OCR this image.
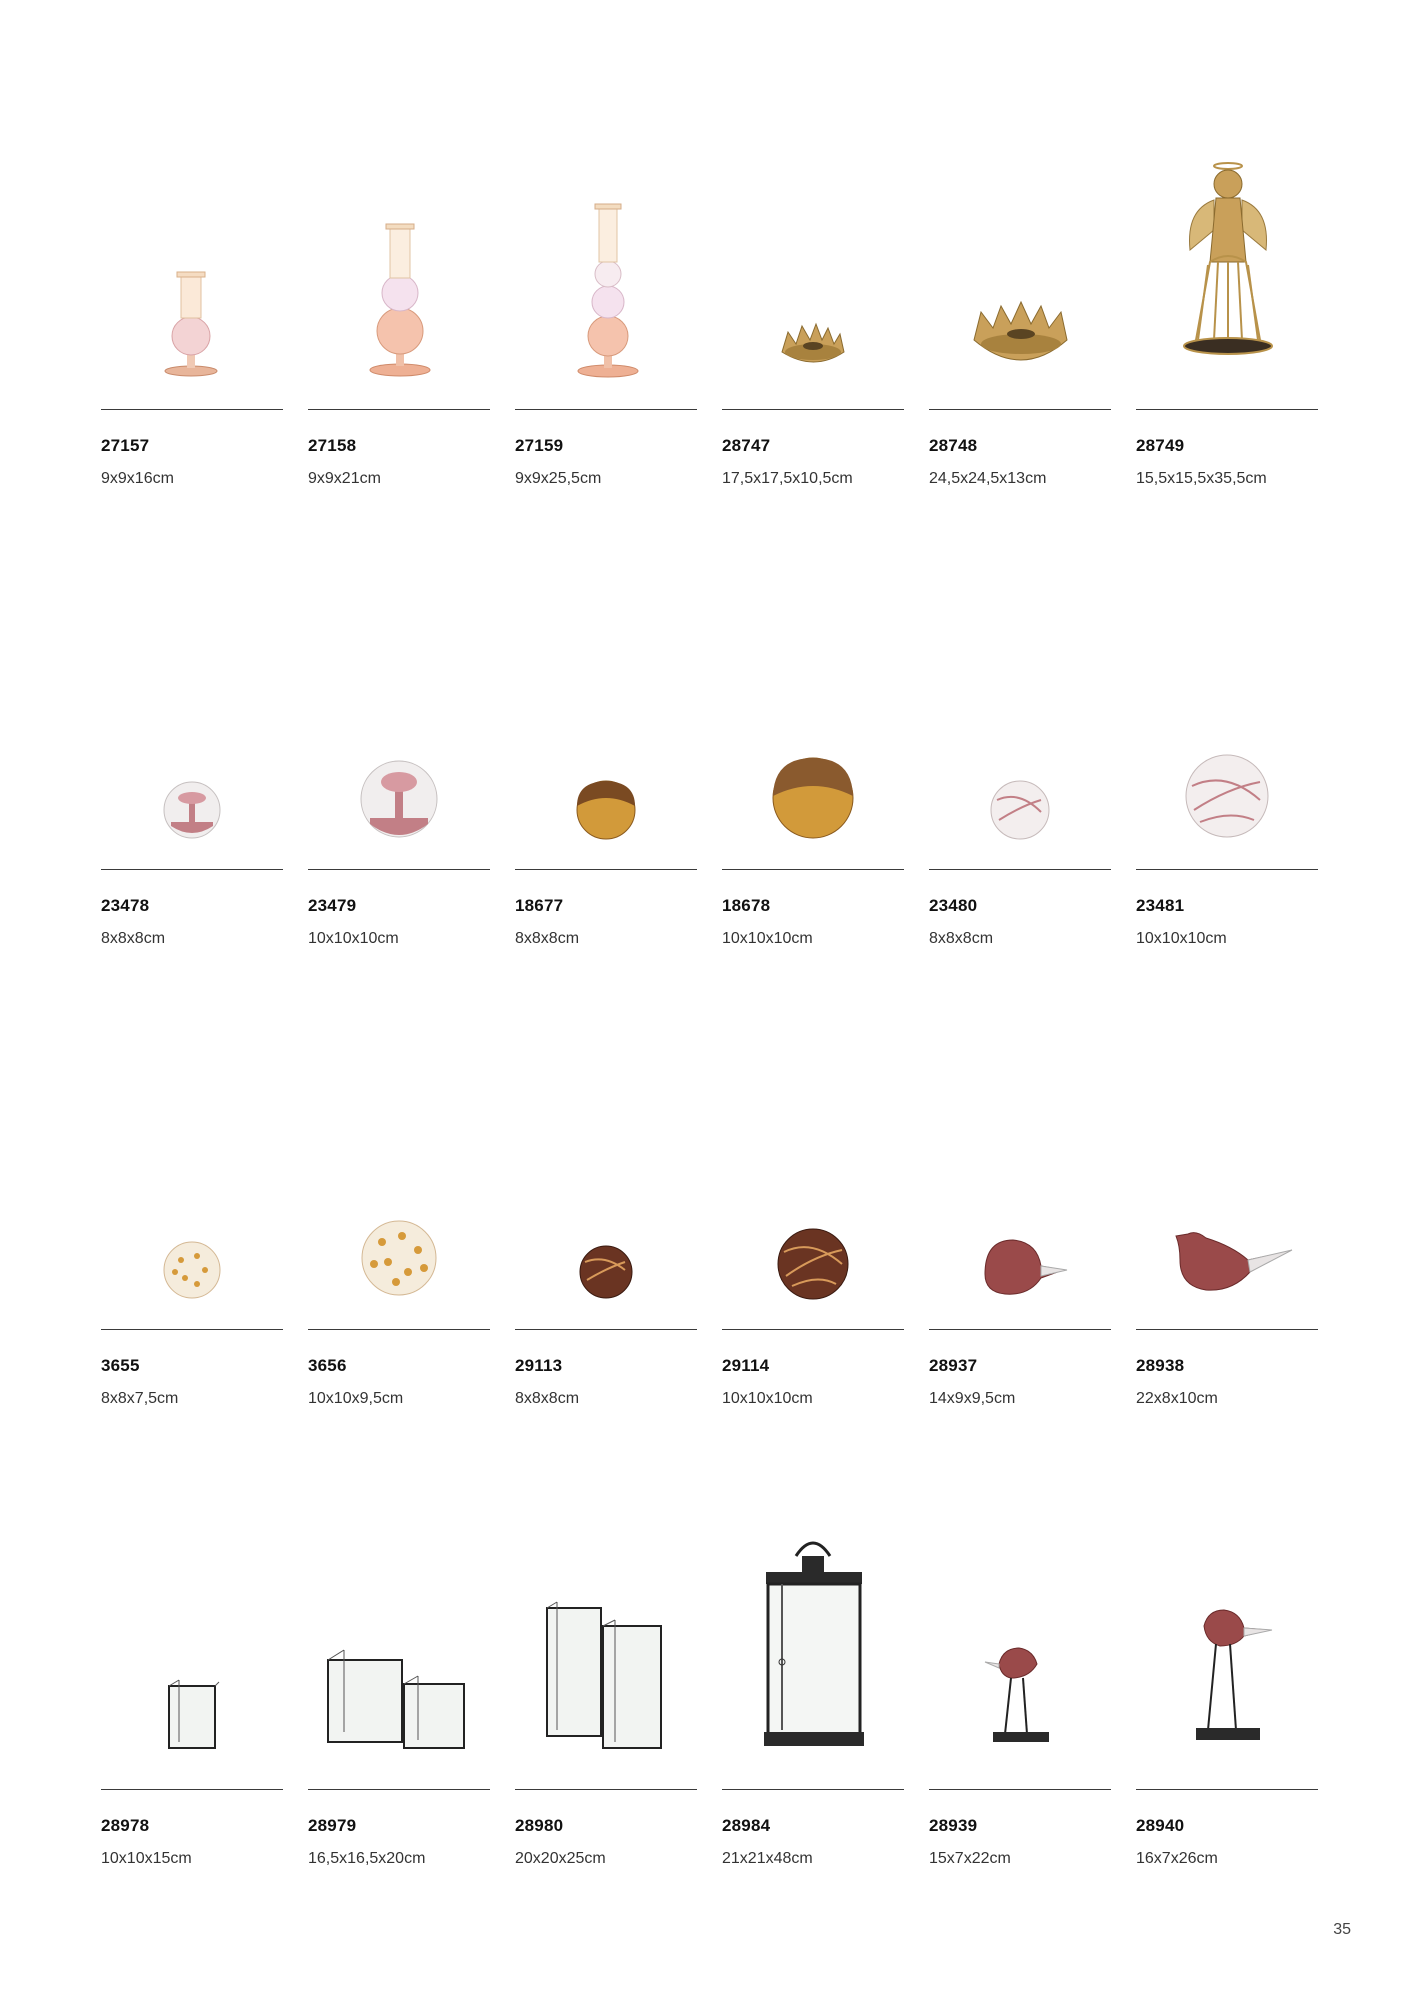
27157
9x9x16cm
27158
9x9x21cm
27159
9x9x25,5cm
28747
17,5x17,5x10,5cm
28748
24,5x24,5x13cm
28749
15,5x15,5x35,5cm
23478
8x8x8cm
23479
10x10x10cm
18677
8x8x8cm
18678
10x10x10cm
23480
8x8x8cm
23481
10x10x10cm
3655
8x8x7,5cm
3656
10x10x9,5cm
29113
8x8x8cm
29114
10x10x10cm
28937
14x9x9,5cm
28938
22x8x10cm
28978
10x10x15cm
28979
16,5x16,5x20cm
28980
20x20x25cm
28984
21x21x48cm
28939
15x7x22cm
28940
16x7x26cm
35
